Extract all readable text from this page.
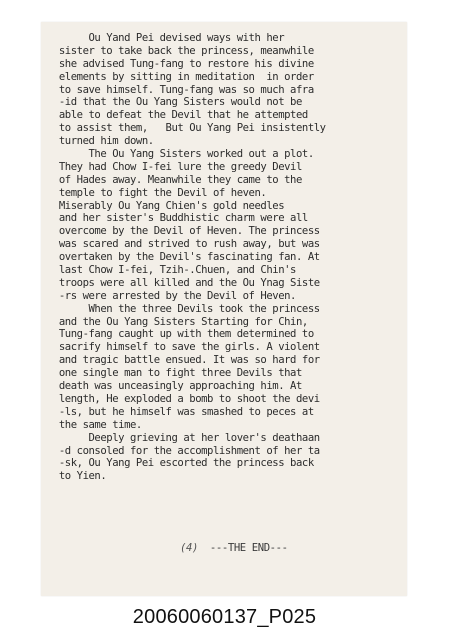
Ou Yand Pei devised ways with her
sister to take back the princess, meanwhile
she advised Tung-fang to restore his divine
elements by sitting in meditation  in order
to save himself. Tung-fang was so much afra
-id that the Ou Yang Sisters would not be
able to defeat the Devil that he attempted
to assist them,   But Ou Yang Pei insistently
turned him down.
The Ou Yang Sisters worked out a plot.
They had Chow I-fei lure the greedy Devil
of Hades away. Meanwhile they came to the
temple to fight the Devil of heven.
Miserably Ou Yang Chien's gold needles
and her sister's Buddhistic charm were all
overcome by the Devil of Heven. The princess
was scared and strived to rush away, but was
overtaken by the Devil's fascinating fan. At
last Chow I-fei, Tzih-.Chuen, and Chin's
troops were all killed and the Ou Ynag Siste
-rs were arrested by the Devil of Heven.
When the three Devils took the princess
and the Ou Yang Sisters Starting for Chin,
Tung-fang caught up with them determined to
sacrify himself to save the girls. A violent
and tragic battle ensued. It was so hard for
one single man to fight three Devils that
death was unceasingly approaching him. At
length, He exploded a bomb to shoot the devi
-ls, but he himself was smashed to peces at
the same time.
Deeply grieving at her lover's deathaan
-d consoled for the accomplishment of her ta
-sk, Ou Yang Pei escorted the princess back
to Yien.
(4) ---THE END---
20060060137_P025
